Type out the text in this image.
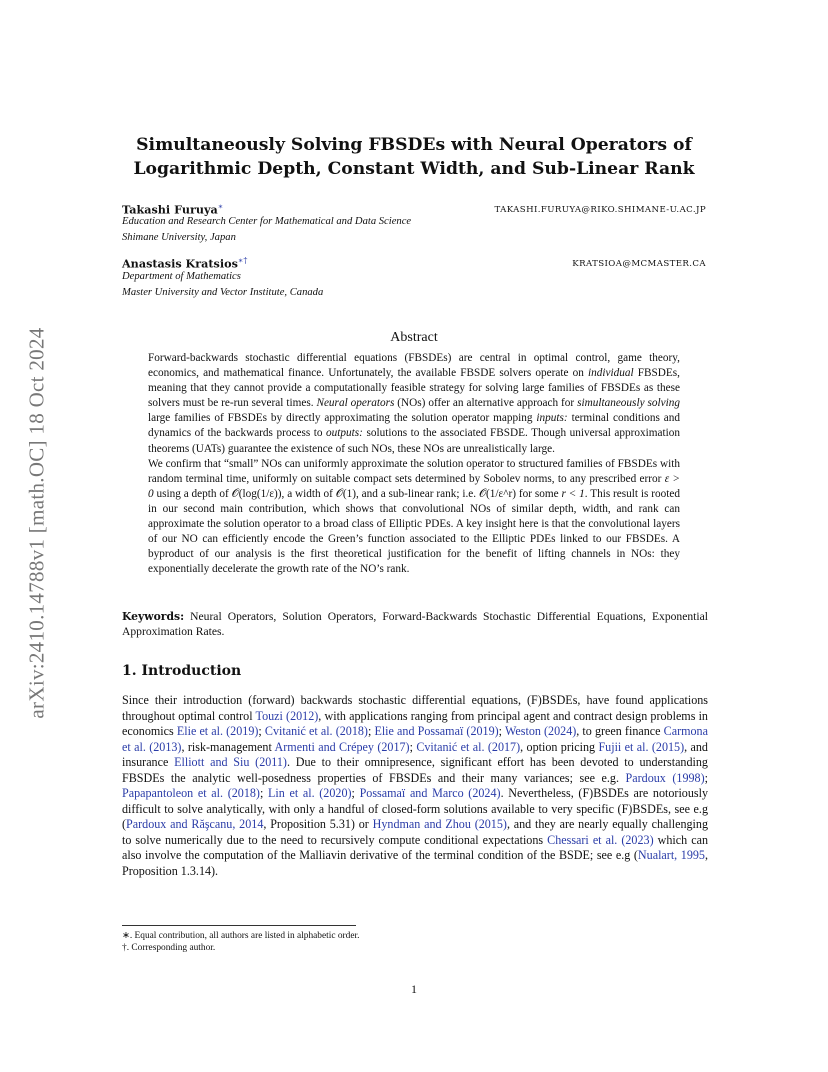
arXiv:2410.14788v1 [math.OC] 18 Oct 2024
Simultaneously Solving FBSDEs with Neural Operators of
Logarithmic Depth, Constant Width, and Sub-Linear Rank
Takashi Furuya∗	TAKASHI.FURUYA@RIKO.SHIMANE-U.AC.JP
Education and Research Center for Mathematical and Data Science
Shimane University, Japan
Anastasis Kratsios∗†	KRATSIOA@MCMASTER.CA
Department of Mathematics
Master University and Vector Institute, Canada
Abstract

Forward-backwards stochastic differential equations (FBSDEs) are central in optimal control, game theory, economics, and mathematical finance. Unfortunately, the available FBSDE solvers operate on individual FBSDEs, meaning that they cannot provide a computationally feasible strategy for solving large families of FBSDEs as these solvers must be re-run several times. Neural operators (NOs) offer an alternative approach for simultaneously solving large families of FBSDEs by directly approximating the solution operator mapping inputs: terminal conditions and dynamics of the backwards process to outputs: solutions to the associated FBSDE. Though universal approximation theorems (UATs) guarantee the existence of such NOs, these NOs are unrealistically large.

We confirm that “small” NOs can uniformly approximate the solution operator to structured families of FBSDEs with random terminal time, uniformly on suitable compact sets determined by Sobolev norms, to any prescribed error ε > 0 using a depth of 𝒪(log(1/ε)), a width of 𝒪(1), and a sub-linear rank; i.e. 𝒪(1/ε^r) for some r < 1. This result is rooted in our second main contribution, which shows that convolutional NOs of similar depth, width, and rank can approximate the solution operator to a broad class of Elliptic PDEs. A key insight here is that the convolutional layers of our NO can efficiently encode the Green’s function associated to the Elliptic PDEs linked to our FBSDEs. A byproduct of our analysis is the first theoretical justification for the benefit of lifting channels in NOs: they exponentially decelerate the growth rate of the NO’s rank.

Keywords: Neural Operators, Solution Operators, Forward-Backwards Stochastic Differential Equations, Exponential Approximation Rates.
1. Introduction

Since their introduction (forward) backwards stochastic differential equations, (F)BSDEs, have found applications throughout optimal control Touzi (2012), with applications ranging from principal agent and contract design problems in economics Elie et al. (2019); Cvitanić et al. (2018); Elie and Possamaï (2019); Weston (2024), to green finance Carmona et al. (2013), risk-management Armenti and Crépey (2017); Cvitanić et al. (2017), option pricing Fujii et al. (2015), and insurance Elliott and Siu (2011). Due to their omnipresence, significant effort has been devoted to understanding FBSDEs the analytic well-posedness properties of FBSDEs and their many variances; see e.g. Pardoux (1998); Papapantoleon et al. (2018); Lin et al. (2020); Possamaï and Marco (2024). Nevertheless, (F)BSDEs are notoriously difficult to solve analytically, with only a handful of closed-form solutions available to very specific (F)BSDEs, see e.g (Pardoux and Răşcanu, 2014, Proposition 5.31) or Hyndman and Zhou (2015), and they are nearly equally challenging to solve numerically due to the need to recursively compute conditional expectations Chessari et al. (2023) which can also involve the computation of the Malliavin derivative of the terminal condition of the BSDE; see e.g (Nualart, 1995, Proposition 1.3.14).

∗. Equal contribution, all authors are listed in alphabetic order.
†. Corresponding author.
1
